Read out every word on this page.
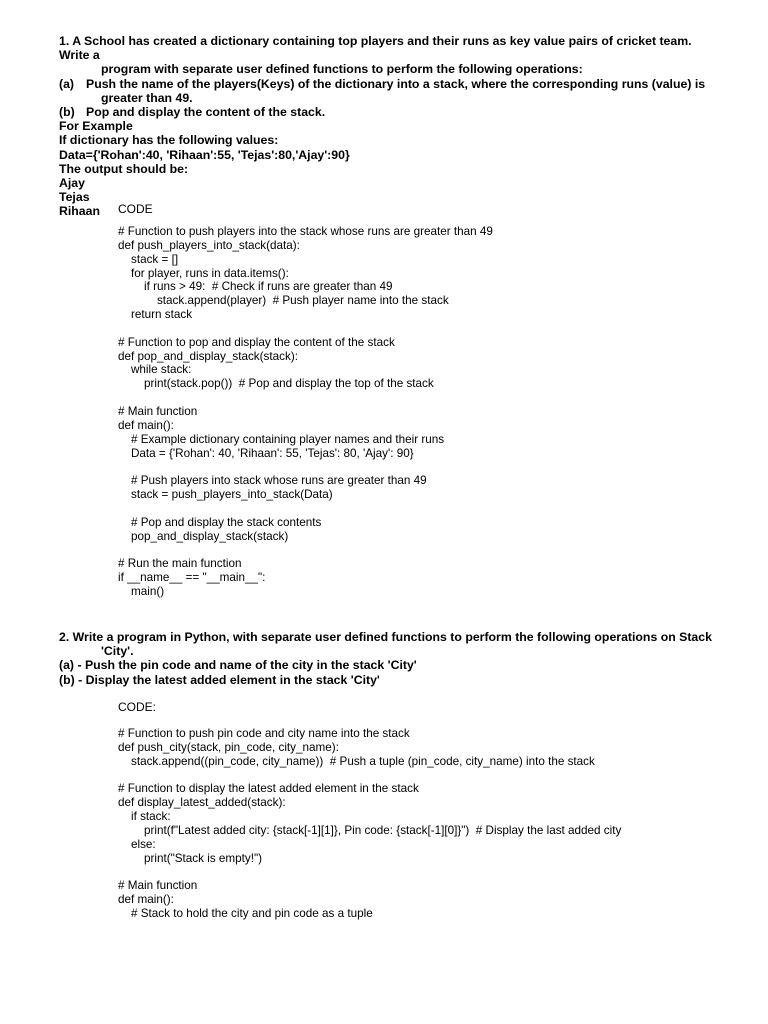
1. A School has created a dictionary containing top players and their runs as key value pairs of cricket team. Write a
program with separate user defined functions to perform the following operations:
(a) Push the name of the players(Keys) of the dictionary into a stack, where the corresponding runs (value) is
greater than 49.
(b) Pop and display the content of the stack.
For Example
If dictionary has the following values:
Data={'Rohan':40, 'Rihaan':55, 'Tejas':80,'Ajay':90}
The output should be:
Ajay
Tejas
Rihaan	CODE
# Function to push players into the stack whose runs are greater than 49
def push_players_into_stack(data):
stack = []
for player, runs in data.items():
if runs > 49:  # Check if runs are greater than 49
stack.append(player)  # Push player name into the stack
return stack
# Function to pop and display the content of the stack
def pop_and_display_stack(stack):
while stack:
print(stack.pop())  # Pop and display the top of the stack
# Main function
def main():
# Example dictionary containing player names and their runs
Data = {'Rohan': 40, 'Rihaan': 55, 'Tejas': 80, 'Ajay': 90}
# Push players into stack whose runs are greater than 49
stack = push_players_into_stack(Data)
# Pop and display the stack contents
pop_and_display_stack(stack)
# Run the main function
if __name__ == "__main__":
main()
2. Write a program in Python, with separate user defined functions to perform the following operations on Stack
'City'.
(a) - Push the pin code and name of the city in the stack 'City'
(b) - Display the latest added element in the stack 'City'
CODE:
# Function to push pin code and city name into the stack
def push_city(stack, pin_code, city_name):
stack.append((pin_code, city_name))  # Push a tuple (pin_code, city_name) into the stack
# Function to display the latest added element in the stack
def display_latest_added(stack):
if stack:
print(f"Latest added city: {stack[-1][1]}, Pin code: {stack[-1][0]}")  # Display the last added city
else:
print("Stack is empty!")
# Main function
def main():
# Stack to hold the city and pin code as a tuple
